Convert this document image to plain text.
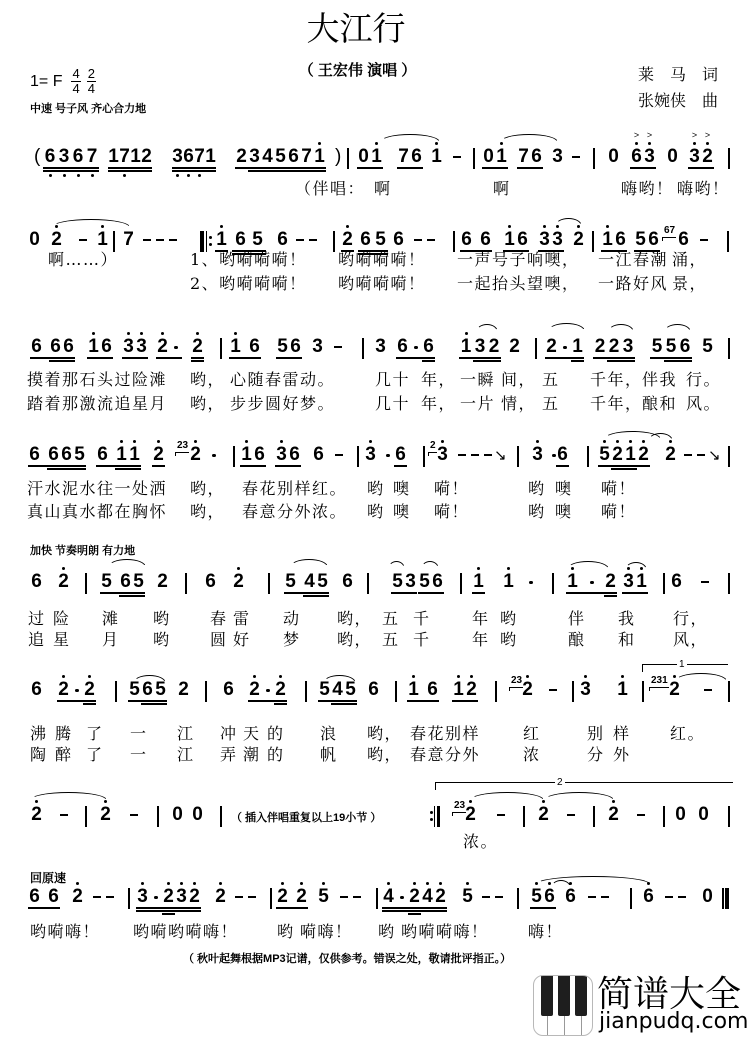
大江行
（ 王宏伟 演唱 ）
1= F $\frac{4}{4} \frac{2}{4}$
中速 号子风 齐心合力地
莱　马　词
张婉侠　曲
加快 节奏明朗 有力地
回原速
( 6 3 6 7 1 7 1 2 3 6 7 1 2 3 4 5 6 7 1 ) 0 1 7 6 1 0 1 7 6 3 0 6
>
3
>
0 3
>
2
>
（伴唱： 啊	啊	嗨哟！ 嗨哟！
0 2 1 7	1 6 5 6	2 6 5 6	6 6 1 6 3 3 2 1 6 5 6 67 6
啊……）	1、哟嗬嗬嗬！ 哟嗬嗬嗬！ 一声号子响噢， 一江春潮 涌，
2、哟嗬嗬嗬！ 哟嗬嗬嗬！ 一起抬头望噢， 一路好风 景，
6 6 6 1 6 3 3 2 2 1 6 5 6 3	3 6 6 1 3 2 2 2 1 2 2 3 5 5 6 5
摸着那石头过险滩 哟， 心随春雷动。 几十 年， 一瞬 间， 五 千年， 伴我 行。
踏着那激流追星月 哟， 步步圆好梦。 几十 年， 一片 情， 五 千年， 酿和 风。
6 6 6 5 6 1 1 2 23 2 1 6 3 6 6 3 6 2 3	↘ 3 6 5 2 1 2 2 ↘
汗水泥水往一处洒 哟， 春花别样红。 哟 噢 嗬！	哟 噢 嗬！
真山真水都在胸怀 哟， 春意分外浓。 哟 噢 嗬！	哟 噢 嗬！
6 2 5 6 5 2 6 2 5 4 5 6 5 3 5 6 1 1	1 2 3 1 6
过 险 滩 哟 春 雷 动 哟， 五 千	年 哟	伴 我 行，
追 星 月 哟 圆 好 梦 哟， 五 千	年 哟	酿 和 风，
6 2 2 5 6 5 2 6 2 2 5 4 5 6 1 6 1 2	23 2 3 1 231 2
1
沸 腾 了 一 江 冲 天 的 浪 哟， 春花别样	红	别 样 红。
陶 醉 了 一 江 弄 潮 的 帆 哟， 春意分外	浓	分 外
2	2	0 0	（ 插入伴唱重复以上19小节 ）
23 2	2	2	0 0
2
浓。
6 6 2	3 2 3 2 2	2 2 5	4 2 4 2 5	5 6 6	6	0
哟嗬嗨！ 哟嗬哟嗬嗨！ 哟 嗬嗨！ 哟 哟嗬嗬嗨！ 嗨！
（ 秋叶起舞根据MP3记谱，仅供参考。错误之处，敬请批评指正。）
简谱大全
jianpudq.com
